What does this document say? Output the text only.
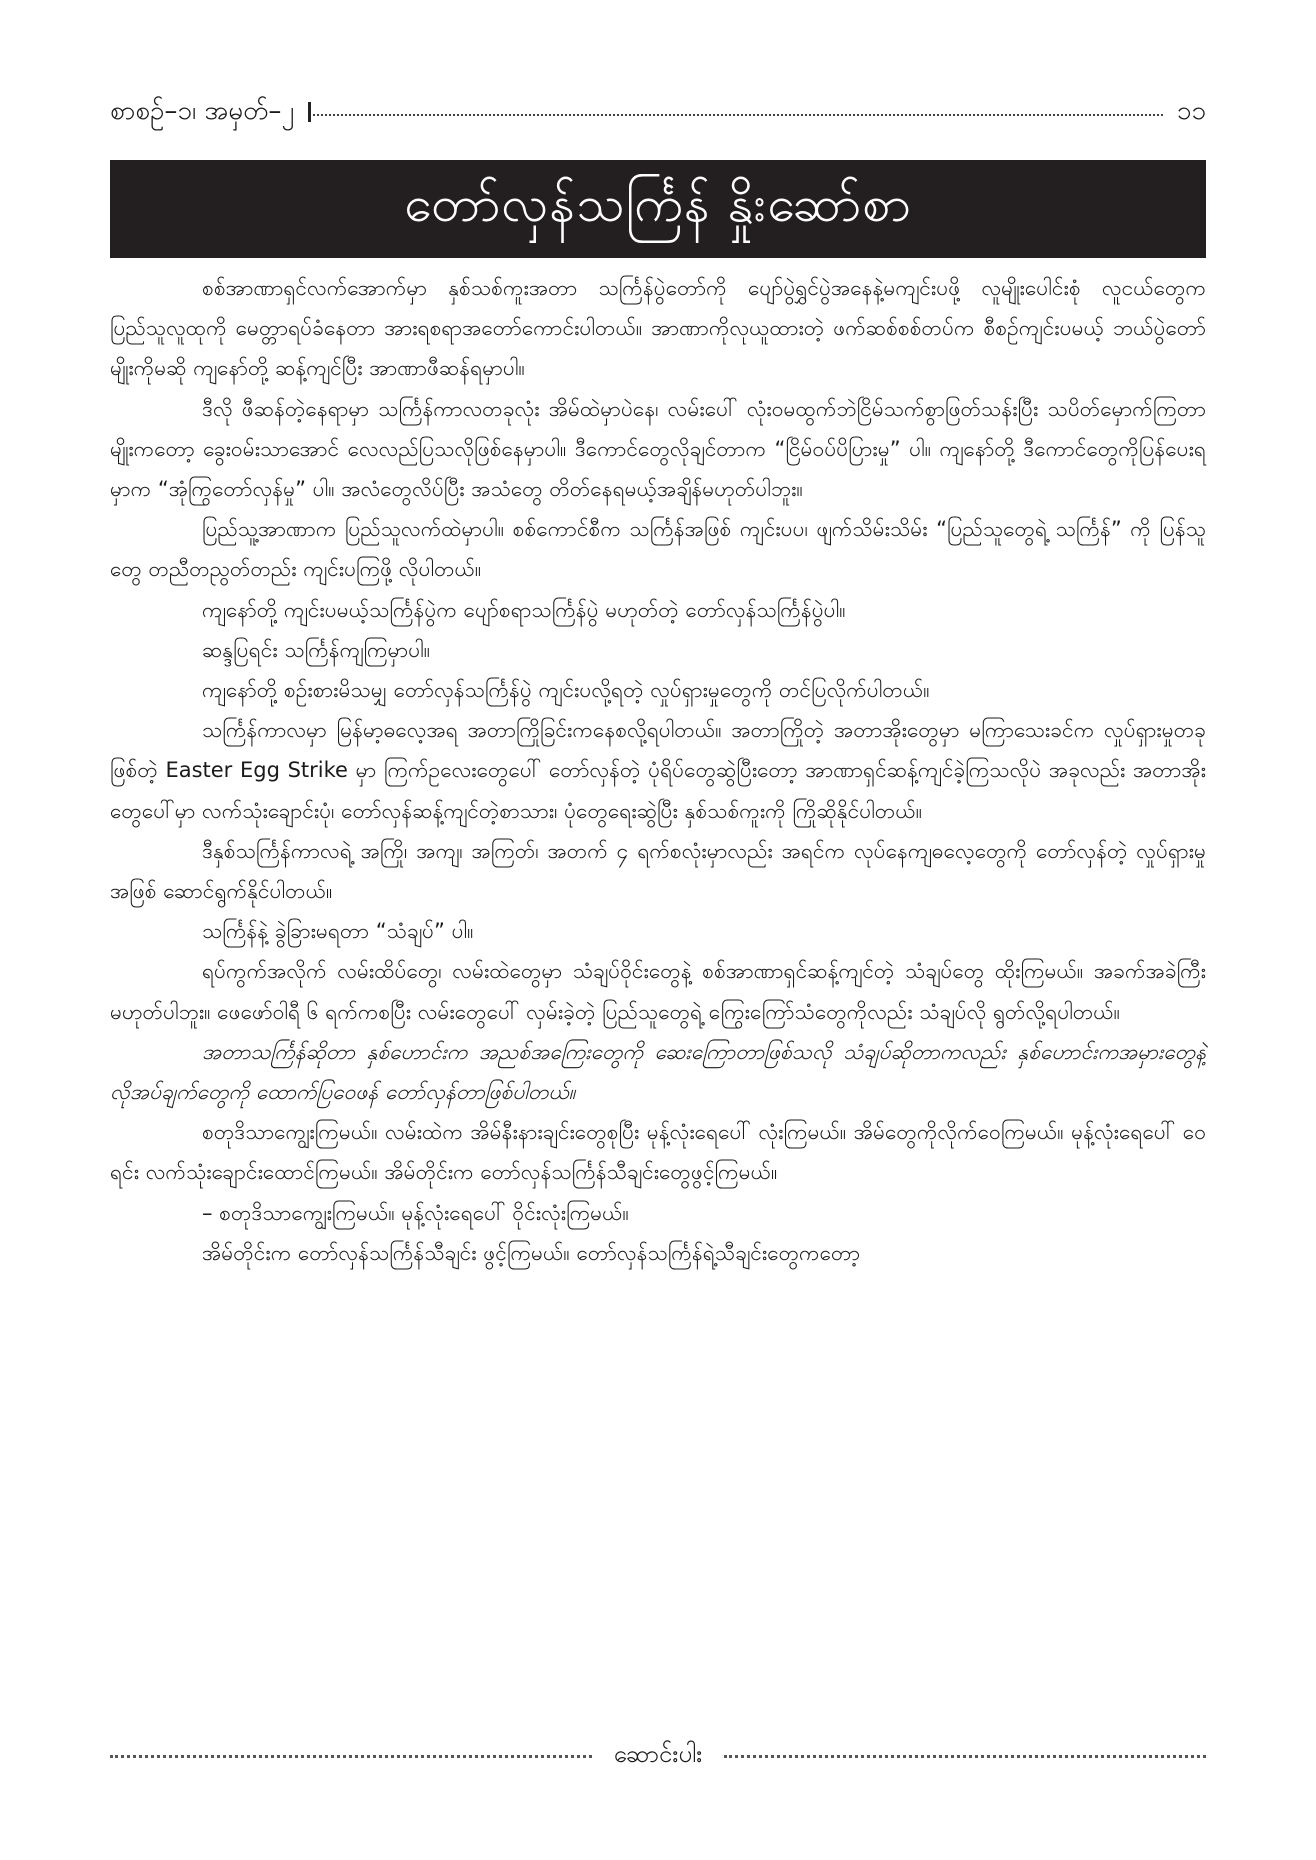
စာစဉ်–၁၊ အမှတ်–၂	၁၁
တော်လှန်သင်္ကြန် နှိုးဆော်စာ

စစ်အာဏာရှင်လက်အောက်မှာ နှစ်သစ်ကူးအတာ သင်္ကြန်ပွဲတော်ကို ပျော်ပွဲရွှင်ပွဲအနေနဲ့မကျင်းပဖို့ လူမျိုးပေါင်းစုံ လူငယ်တွေက ပြည်သူလူထုကို မေတ္တာရပ်ခံနေတာ အားရစရာအတော်ကောင်းပါတယ်။ အာဏာကိုလုယူထားတဲ့ ဖက်ဆစ်စစ်တပ်က စီစဉ်ကျင်းပမယ့် ဘယ်ပွဲတော်မျိုးကိုမဆို ကျနော်တို့ ဆန့်ကျင်ပြီး အာဏာဖီဆန်ရမှာပါ။

ဒီလို ဖီဆန်တဲ့နေရာမှာ သင်္ကြန်ကာလတခုလုံး အိမ်ထဲမှာပဲနေ၊ လမ်းပေါ် လုံးဝမထွက်ဘဲငြိမ်သက်စွာဖြတ်သန်းပြီး သပိတ်မှောက်ကြတာမျိုးကတော့ ခွေးဝမ်းသာအောင် လေလည်ပြသလိုဖြစ်နေမှာပါ။ ဒီကောင်တွေလိုချင်တာက “ငြိမ်ဝပ်ပိပြားမှု” ပါ။ ကျနော်တို့ ဒီကောင်တွေကိုပြန်ပေးရမှာက “အုံကြွတော်လှန်မှု” ပါ။ အလံတွေလိပ်ပြီး အသံတွေ တိတ်နေရမယ့်အချိန်မဟုတ်ပါဘူး။

ပြည်သူ့အာဏာက ပြည်သူလက်ထဲမှာပါ။ စစ်ကောင်စီက သင်္ကြန်အဖြစ် ကျင်းပပ၊ ဖျက်သိမ်းသိမ်း “ပြည်သူတွေရဲ့ သင်္ကြန်” ကို ပြန်သူတွေ တညီတညွတ်တည်း ကျင်းပကြဖို့ လိုပါတယ်။

ကျနော်တို့ ကျင်းပမယ့်သင်္ကြန်ပွဲက ပျော်စရာသင်္ကြန်ပွဲ မဟုတ်တဲ့ တော်လှန်သင်္ကြန်ပွဲပါ။

ဆန္ဒပြရင်း သင်္ကြန်ကျကြမှာပါ။

ကျနော်တို့ စဉ်းစားမိသမျှ တော်လှန်သင်္ကြန်ပွဲ ကျင်းပလို့ရတဲ့ လှုပ်ရှားမှုတွေကို တင်ပြလိုက်ပါတယ်။

သင်္ကြန်ကာလမှာ မြန်မာ့ဓလေ့အရ အတာကြိုခြင်းကနေစလို့ရပါတယ်။ အတာကြိုတဲ့ အတာအိုးတွေမှာ မကြာသေးခင်က လှုပ်ရှားမှုတခုဖြစ်တဲ့ Easter Egg Strike မှာ ကြက်ဥလေးတွေပေါ် တော်လှန်တဲ့ ပုံရိပ်တွေဆွဲပြီးတော့ အာဏာရှင်ဆန့်ကျင်ခဲ့ကြသလိုပဲ အခုလည်း အတာအိုးတွေပေါ်မှာ လက်သုံးချောင်းပုံ၊ တော်လှန်ဆန့်ကျင်တဲ့စာသား၊ ပုံတွေရေးဆွဲပြီး နှစ်သစ်ကူးကို ကြိုဆိုနိုင်ပါတယ်။

ဒီနှစ်သင်္ကြန်ကာလရဲ့ အကြို၊ အကျ၊ အကြတ်၊ အတက် ၄ ရက်စလုံးမှာလည်း အရင်က လုပ်နေကျဓလေ့တွေကို တော်လှန်တဲ့ လှုပ်ရှားမှုအဖြစ် ဆောင်ရွက်နိုင်ပါတယ်။

သင်္ကြန်နဲ့ ခွဲခြားမရတာ “သံချပ်” ပါ။

ရပ်ကွက်အလိုက် လမ်းထိပ်တွေ၊ လမ်းထဲတွေမှာ သံချပ်ဝိုင်းတွေနဲ့ စစ်အာဏာရှင်ဆန့်ကျင်တဲ့ သံချပ်တွေ ထိုးကြမယ်။ အခက်အခဲကြီး မဟုတ်ပါဘူး။ ဖေဖော်ဝါရီ ၆ ရက်ကစပြီး လမ်းတွေပေါ် လှမ်းခဲ့တဲ့ ပြည်သူတွေရဲ့ ကြွေးကြော်သံတွေကိုလည်း သံချပ်လို ရွတ်လို့ရပါတယ်။

အတာသင်္ကြန်ဆိုတာ နှစ်ဟောင်းက အညစ်အကြေးတွေကို ဆေးကြောတာဖြစ်သလို သံချပ်ဆိုတာကလည်း နှစ်ဟောင်းကအမှားတွေနဲ့ လိုအပ်ချက်တွေကို ထောက်ပြဝေဖန် တော်လှန်တာဖြစ်ပါတယ်။

စတုဒိသာကျွေးကြမယ်။ လမ်းထဲက အိမ်နီးနားချင်းတွေစုပြီး မုန့်လုံးရေပေါ် လုံးကြမယ်။ အိမ်တွေကိုလိုက်ဝေကြမယ်။ မုန့်လုံးရေပေါ် ဝေရင်း လက်သုံးချောင်းထောင်ကြမယ်။ အိမ်တိုင်းက တော်လှန်သင်္ကြန်သီချင်းတွေဖွင့်ကြမယ်။

– စတုဒိသာကျွေးကြမယ်။ မုန့်လုံးရေပေါ် ဝိုင်းလုံးကြမယ်။

အိမ်တိုင်းက တော်လှန်သင်္ကြန်သီချင်း ဖွင့်ကြမယ်။ တော်လှန်သင်္ကြန်ရဲ့သီချင်းတွေကတော့

ဆောင်းပါး
